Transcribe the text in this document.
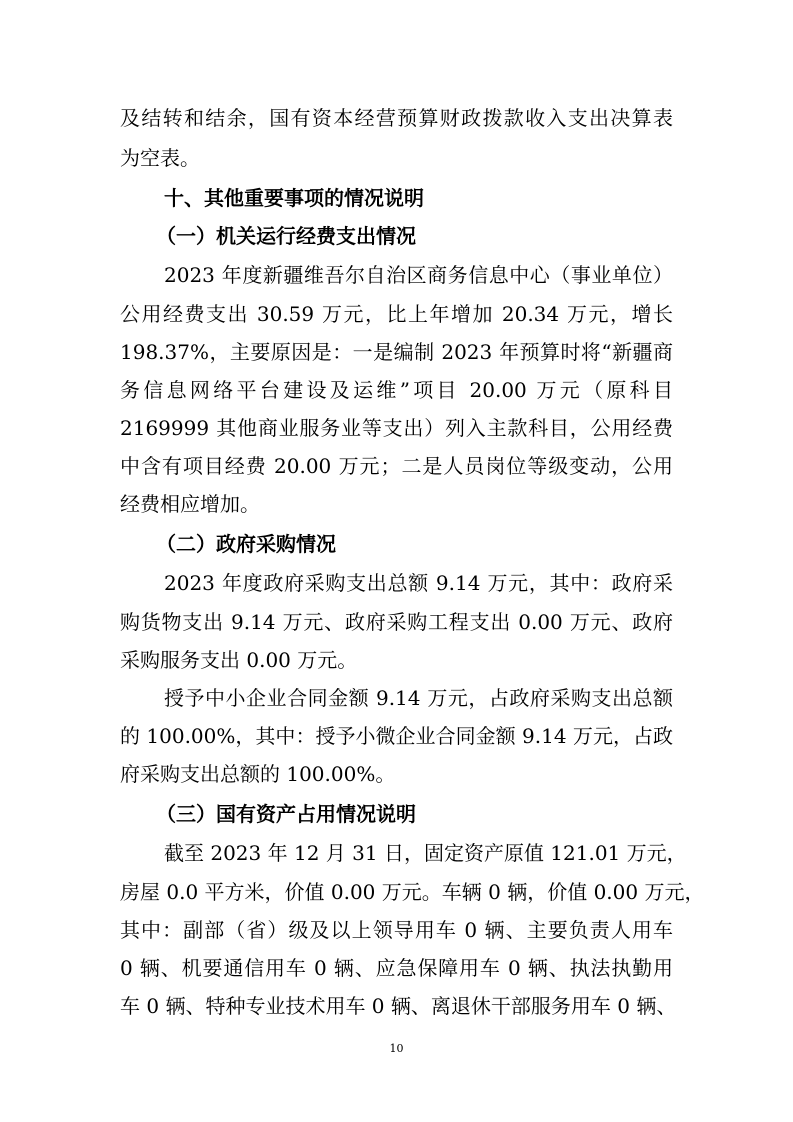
及结转和结余，国有资本经营预算财政拨款收入支出决算表
为空表。
十、其他重要事项的情况说明
（一）机关运行经费支出情况
2023 年度新疆维吾尔自治区商务信息中心（事业单位）
公用经费支出 30.59 万元，比上年增加 20.34 万元，增长
198.37%，主要原因是：一是编制 2023 年预算时将“新疆商
务信息网络平台建设及运维”项目 20.00 万元（原科目
2169999 其他商业服务业等支出）列入主款科目，公用经费
中含有项目经费 20.00 万元；二是人员岗位等级变动，公用
经费相应增加。
（二）政府采购情况
2023 年度政府采购支出总额 9.14 万元，其中：政府采
购货物支出 9.14 万元、政府采购工程支出 0.00 万元、政府
采购服务支出 0.00 万元。
授予中小企业合同金额 9.14 万元，占政府采购支出总额
的 100.00%，其中：授予小微企业合同金额 9.14 万元，占政
府采购支出总额的 100.00%。
（三）国有资产占用情况说明
截至 2023 年 12 月 31 日，固定资产原值 121.01 万元，
房屋 0.0 平方米，价值 0.00 万元。车辆 0 辆，价值 0.00 万元，
其中：副部（省）级及以上领导用车 0 辆、主要负责人用车
0 辆、机要通信用车 0 辆、应急保障用车 0 辆、执法执勤用
车 0 辆、特种专业技术用车 0 辆、离退休干部服务用车 0 辆、
10
